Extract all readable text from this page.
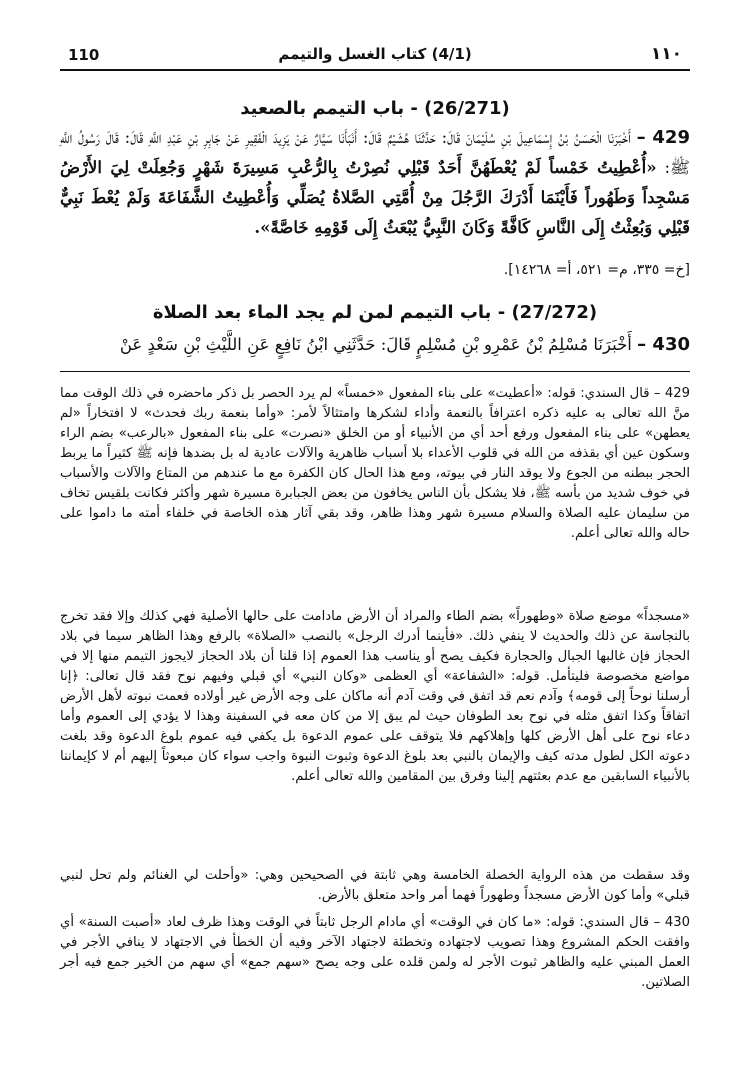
١١٠
(4/1) كتاب الغسل والتيمم
110
(26/271) - باب التيمم بالصعيد
429 – أَخْبَرَنَا الْحَسَنُ بْنُ إِسْمَاعِيلَ بْنِ سُلَيْمَانَ قَالَ: حَدَّثَنَا هُشَيْمٌ قَالَ: أَنْبَأَنَا سَيَّارٌ عَنْ يَزِيدَ الْفَقِيرِ عَنْ جَابِرِ بْنِ عَبْدِ اللَّهِ قَالَ: قَالَ رَسُولُ اللَّهِ ﷺ: «أُعْطِيتُ خَمْساً لَمْ يُعْطَهُنَّ أَحَدٌ قَبْلِي نُصِرْتُ بِالرُّعْبِ مَسِيرَةَ شَهْرٍ وَجُعِلَتْ لِيَ الأَرْضُ مَسْجِداً وَطَهُوراً فَأَيْنَمَا أَدْرَكَ الرَّجُلَ مِنْ أُمَّتِي الصَّلاةُ يُصَلِّي وَأُعْطِيتُ الشَّفَاعَةَ وَلَمْ يُعْطَ نَبِيٌّ قَبْلِي وَبُعِثْتُ إِلَى النَّاسِ كَافَّةً وَكَانَ النَّبِيُّ يُبْعَثُ إِلَى قَوْمِهِ خَاصَّةً».
[خ= ٣٣٥، م= ٥٢١، أ= ١٤٢٦٨].
(27/272) - باب التيمم لمن لم يجد الماء بعد الصلاة
430 – أَخْبَرَنَا مُسْلِمُ بْنُ عَمْرِو بْنِ مُسْلِمٍ قَالَ: حَدَّثَنِي ابْنُ نَافِعٍ عَنِ اللَّيْثِ بْنِ سَعْدٍ عَنْ

429 – قال السندي: قوله: «أعطيت» على بناء المفعول «خمساً» لم يرد الحصر بل ذكر ماحضره في ذلك الوقت مما منَّ الله تعالى به عليه ذكره اعترافاً بالنعمة وأداء لشكرها وامتثالاً لأمر: «وأما بنعمة ربك فحدث» لا افتخاراً «لم يعطهن» على بناء المفعول ورفع أحد أي من الأنبياء أو من الخلق «نصرت» على بناء المفعول «بالرعب» بضم الراء وسكون عين أي بقذفه من الله في قلوب الأعداء بلا أسباب ظاهرية والآلات عادية له بل بضدها فإنه ﷺ كثيراً ما يربط الحجر ببطنه من الجوع ولا يوقد النار في بيوته، ومع هذا الحال كان الكفرة مع ما عندهم من المتاع والآلات والأسباب في خوف شديد من بأسه ﷺ، فلا يشكل بأن الناس يخافون من بعض الجبابرة مسيرة شهر وأكثر فكانت بلقيس تخاف من سليمان عليه الصلاة والسلام مسيرة شهر وهذا ظاهر، وقد بقي آثار هذه الخاصة في خلفاء أمته ما داموا على حاله والله تعالى أعلم.

«مسجداً» موضع صلاة «وطهوراً» بضم الطاء والمراد أن الأرض مادامت على حالها الأصلية فهي كذلك وإلا فقد تخرج بالنجاسة عن ذلك والحديث لا ينفي ذلك. «فأينما أدرك الرجل» بالنصب «الصلاة» بالرفع وهذا الظاهر سيما في بلاد الحجاز فإن غالبها الجبال والحجارة فكيف يصح أو يناسب هذا العموم إذا قلنا أن بلاد الحجاز لايجوز التيمم منها إلا في مواضع مخصوصة فليتأمل. قوله: «الشفاعة» أي العظمى «وكان النبي» أي قبلي وفيهم نوح فقد قال تعالى: ﴿إنا أرسلنا نوحاً إلى قومه﴾ وآدم نعم قد اتفق في وقت آدم أنه ماكان على وجه الأرض غير أولاده فعمت نبوته لأهل الأرض اتفاقاً وكذا اتفق مثله في نوح بعد الطوفان حيث لم يبق إلا من كان معه في السفينة وهذا لا يؤدي إلى العموم وأما دعاء نوح على أهل الأرض كلها وإهلاكهم فلا يتوقف على عموم الدعوة بل يكفي فيه عموم بلوغ الدعوة وقد بلغت دعوته الكل لطول مدته كيف والإيمان بالنبي بعد بلوغ الدعوة وثبوت النبوة واجب سواء كان مبعوثاً إليهم أم لا كإيماننا بالأنبياء السابقين مع عدم بعثتهم إلينا وفرق بين المقامين والله تعالى أعلم.

وقد سقطت من هذه الرواية الخصلة الخامسة وهي ثابتة في الصحيحين وهي: «وأحلت لي الغنائم ولم تحل لنبي قبلي» وأما كون الأرض مسجداً وطهوراً فهما أمر واحد متعلق بالأرض.

430 – قال السندي: قوله: «ما كان في الوقت» أي مادام الرجل ثابتاً في الوقت وهذا ظرف لعاد «أصبت السنة» أي وافقت الحكم المشروع وهذا تصويب لاجتهاده وتخطئة لاجتهاد الآخر وفيه أن الخطأ في الاجتهاد لا ينافي الأجر في العمل المبني عليه والظاهر ثبوت الأجر له ولمن قلده على وجه يصح «سهم جمع» أي سهم من الخير جمع فيه أجر الصلاتين.
